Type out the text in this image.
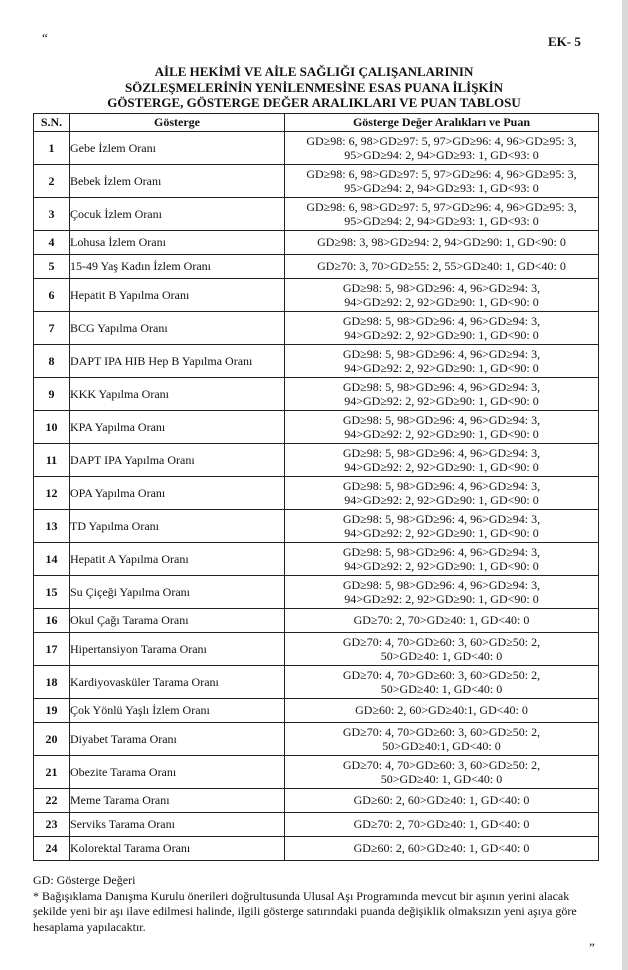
“	EK- 5
AİLE HEKİMİ VE AİLE SAĞLIĞI ÇALIŞANLARININ
SÖZLEŞMELERİNİN YENİLENMESİNE ESAS PUANA İLİŞKİN
GÖSTERGE, GÖSTERGE DEĞER ARALIKLARI VE PUAN TABLOSU
S.N.	Gösterge	Gösterge Değer Aralıkları ve Puan
1	Gebe İzlem Oranı	GD≥98: 6, 98>GD≥97: 5, 97>GD≥96: 4, 96>GD≥95: 3,
95>GD≥94: 2, 94>GD≥93: 1, GD<93: 0

2	Bebek İzlem Oranı	GD≥98: 6, 98>GD≥97: 5, 97>GD≥96: 4, 96>GD≥95: 3,
95>GD≥94: 2, 94>GD≥93: 1, GD<93: 0

3	Çocuk İzlem Oranı	GD≥98: 6, 98>GD≥97: 5, 97>GD≥96: 4, 96>GD≥95: 3,
95>GD≥94: 2, 94>GD≥93: 1, GD<93: 0

4	Lohusa İzlem Oranı	GD≥98: 3, 98>GD≥94: 2, 94>GD≥90: 1, GD<90: 0

5	15-49 Yaş Kadın İzlem Oranı	GD≥70: 3, 70>GD≥55: 2, 55>GD≥40: 1, GD<40: 0

6	Hepatit B Yapılma Oranı	GD≥98: 5, 98>GD≥96: 4, 96>GD≥94: 3,
94>GD≥92: 2, 92>GD≥90: 1, GD<90: 0

7	BCG Yapılma Oranı	GD≥98: 5, 98>GD≥96: 4, 96>GD≥94: 3,
94>GD≥92: 2, 92>GD≥90: 1, GD<90: 0

8	DAPT IPA HIB Hep B Yapılma Oranı	GD≥98: 5, 98>GD≥96: 4, 96>GD≥94: 3,
94>GD≥92: 2, 92>GD≥90: 1, GD<90: 0

9	KKK Yapılma Oranı	GD≥98: 5, 98>GD≥96: 4, 96>GD≥94: 3,
94>GD≥92: 2, 92>GD≥90: 1, GD<90: 0

10	KPA Yapılma Oranı	GD≥98: 5, 98>GD≥96: 4, 96>GD≥94: 3,
94>GD≥92: 2, 92>GD≥90: 1, GD<90: 0

11	DAPT IPA Yapılma Oranı	GD≥98: 5, 98>GD≥96: 4, 96>GD≥94: 3,
94>GD≥92: 2, 92>GD≥90: 1, GD<90: 0

12	OPA Yapılma Oranı	GD≥98: 5, 98>GD≥96: 4, 96>GD≥94: 3,
94>GD≥92: 2, 92>GD≥90: 1, GD<90: 0

13	TD Yapılma Oranı	GD≥98: 5, 98>GD≥96: 4, 96>GD≥94: 3,
94>GD≥92: 2, 92>GD≥90: 1, GD<90: 0

14	Hepatit A Yapılma Oranı	GD≥98: 5, 98>GD≥96: 4, 96>GD≥94: 3,
94>GD≥92: 2, 92>GD≥90: 1, GD<90: 0

15	Su Çiçeği Yapılma Oranı	GD≥98: 5, 98>GD≥96: 4, 96>GD≥94: 3,
94>GD≥92: 2, 92>GD≥90: 1, GD<90: 0

16	Okul Çağı Tarama Oranı	GD≥70: 2, 70>GD≥40: 1, GD<40: 0

17	Hipertansiyon Tarama Oranı	GD≥70: 4, 70>GD≥60: 3, 60>GD≥50: 2,
50>GD≥40: 1, GD<40: 0

18	Kardiyovasküler Tarama Oranı	GD≥70: 4, 70>GD≥60: 3, 60>GD≥50: 2,
50>GD≥40: 1, GD<40: 0

19	Çok Yönlü Yaşlı İzlem Oranı	GD≥60: 2, 60>GD≥40:1, GD<40: 0

20	Diyabet Tarama Oranı	GD≥70: 4, 70>GD≥60: 3, 60>GD≥50: 2,
50>GD≥40:1, GD<40: 0

21	Obezite Tarama Oranı	GD≥70: 4, 70>GD≥60: 3, 60>GD≥50: 2,
50>GD≥40: 1, GD<40: 0

22	Meme Tarama Oranı	GD≥60: 2, 60>GD≥40: 1, GD<40: 0

23	Serviks Tarama Oranı	GD≥70: 2, 70>GD≥40: 1, GD<40: 0

24	Kolorektal Tarama Oranı	GD≥60: 2, 60>GD≥40: 1, GD<40: 0

GD: Gösterge Değeri

* Bağışıklama Danışma Kurulu önerileri doğrultusunda Ulusal Aşı Programında mevcut bir aşının yerini alacak şekilde yeni bir aşı ilave edilmesi halinde, ilgili gösterge satırındaki puanda değişiklik olmaksızın yeni aşıya göre hesaplama yapılacaktır.

”
